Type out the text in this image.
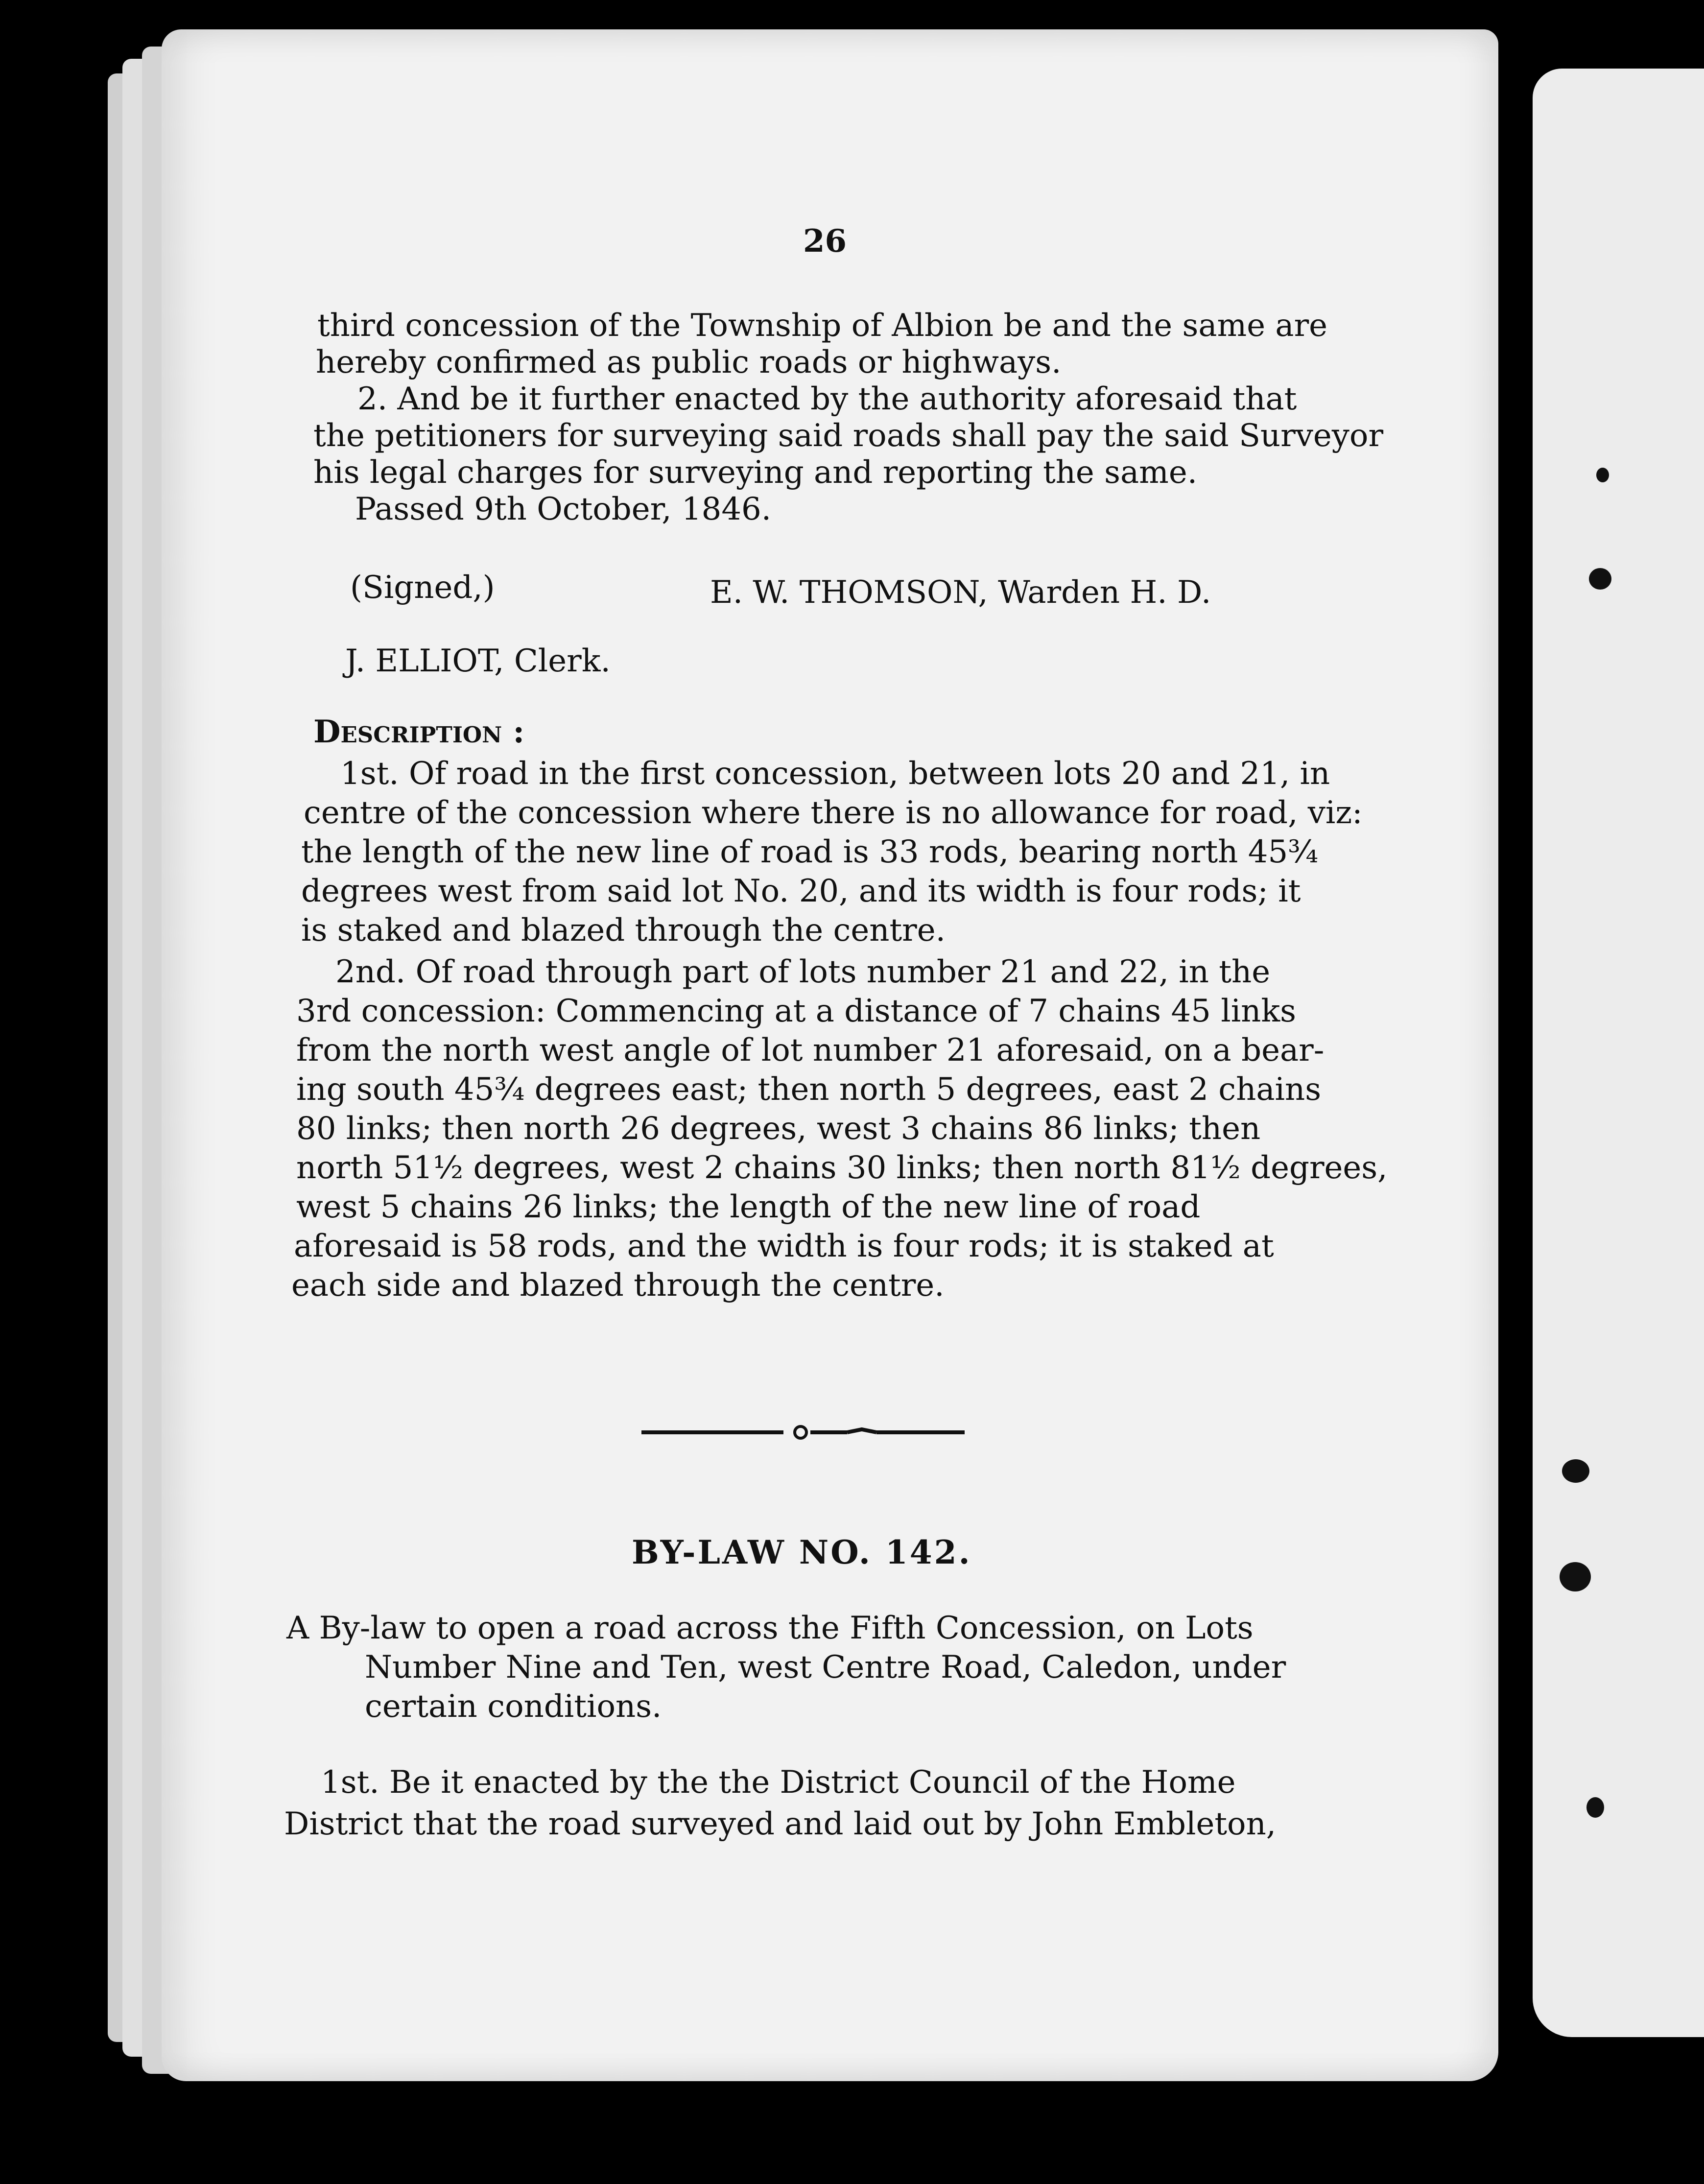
26
third concession of the Township of Albion be and the same are
hereby confirmed as public roads or highways.
2. And be it further enacted by the authority aforesaid that
the petitioners for surveying said roads shall pay the said Surveyor
his legal charges for surveying and reporting the same.
Passed 9th October, 1846.
(Signed,)	E. W. THOMSON, Warden H. D.
J. ELLIOT, Clerk.
Description :
1st. Of road in the first concession, between lots 20 and 21, in
centre of the concession where there is no allowance for road, viz:
the length of the new line of road is 33 rods, bearing north 45¾
degrees west from said lot No. 20, and its width is four rods; it
is staked and blazed through the centre.
2nd. Of road through part of lots number 21 and 22, in the
3rd concession: Commencing at a distance of 7 chains 45 links
from the north west angle of lot number 21 aforesaid, on a bear-
ing south 45¾ degrees east; then north 5 degrees, east 2 chains
80 links; then north 26 degrees, west 3 chains 86 links; then
north 51½ degrees, west 2 chains 30 links; then north 81½ degrees,
west 5 chains 26 links; the length of the new line of road
aforesaid is 58 rods, and the width is four rods; it is staked at
each side and blazed through the centre.
BY-LAW NO. 142.
A By-law to open a road across the Fifth Concession, on Lots
Number Nine and Ten, west Centre Road, Caledon, under
certain conditions.
1st. Be it enacted by the the District Council of the Home
District that the road surveyed and laid out by John Embleton,
